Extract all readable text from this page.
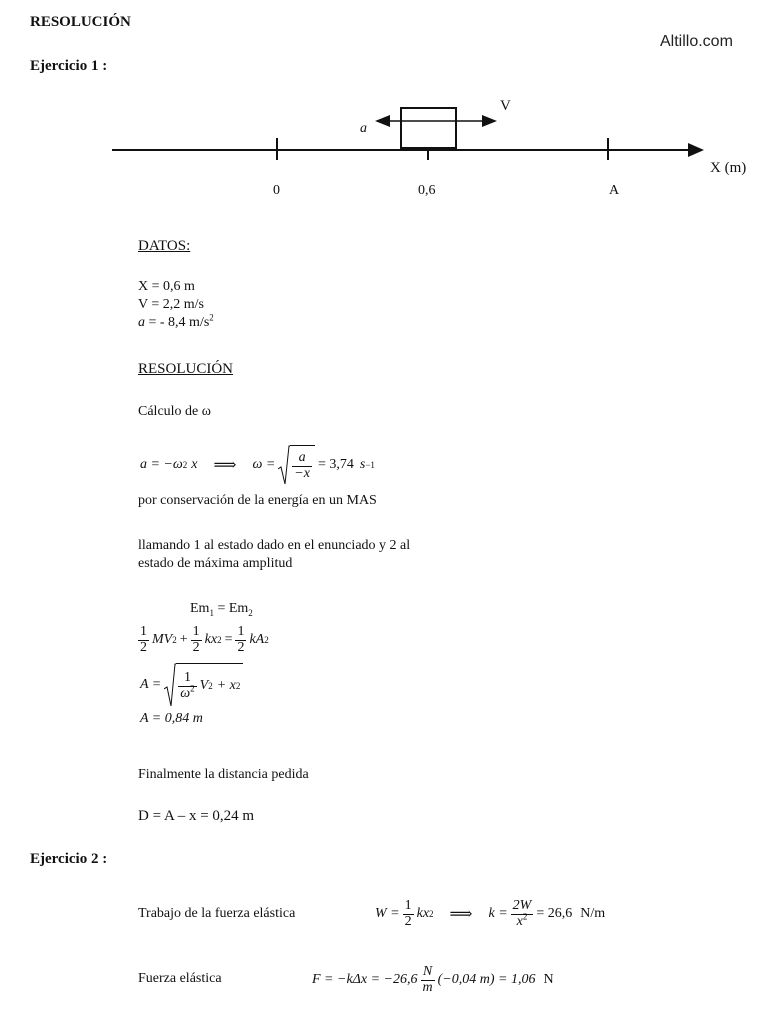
RESOLUCIÓN
Altillo.com
Ejercicio 1 :
a
V
X (m)
0	0,6	A
DATOS:
X = 0,6 m
V = 2,2 m/s
a = - 8,4 $m/s^2$
RESOLUCIÓN
Cálculo de ω
a = −ω 2 x ⟹ $\omega = \frac{a}{-x} = 3,74$ s −1
por conservación de la energía en un MAS
llamando 1 al estado dado en el enunciado y 2 al
estado de máxima amplitud
$Em_1 = Em_2$
$\frac{1}{2}$ MV $2 + \frac{1}{2}$ kx $2 = \frac{1}{2}$ kA 2
$A = \frac{1}{\omega^2}$ V 2 + x 2
A = 0,84 m
Finalmente la distancia pedida
D = A – x = 0,24 m
Ejercicio 2 :
Trabajo de la fuerza elástica	$W = \frac{1}{2}$ kx 2 ⟹ $k = \frac{2W}{x^2} = 26,6$ N/m
Fuerza elástica	$F = -k\Delta x = -26,6 \frac{N}{m} (-0,04$ m) = 1,06 N
